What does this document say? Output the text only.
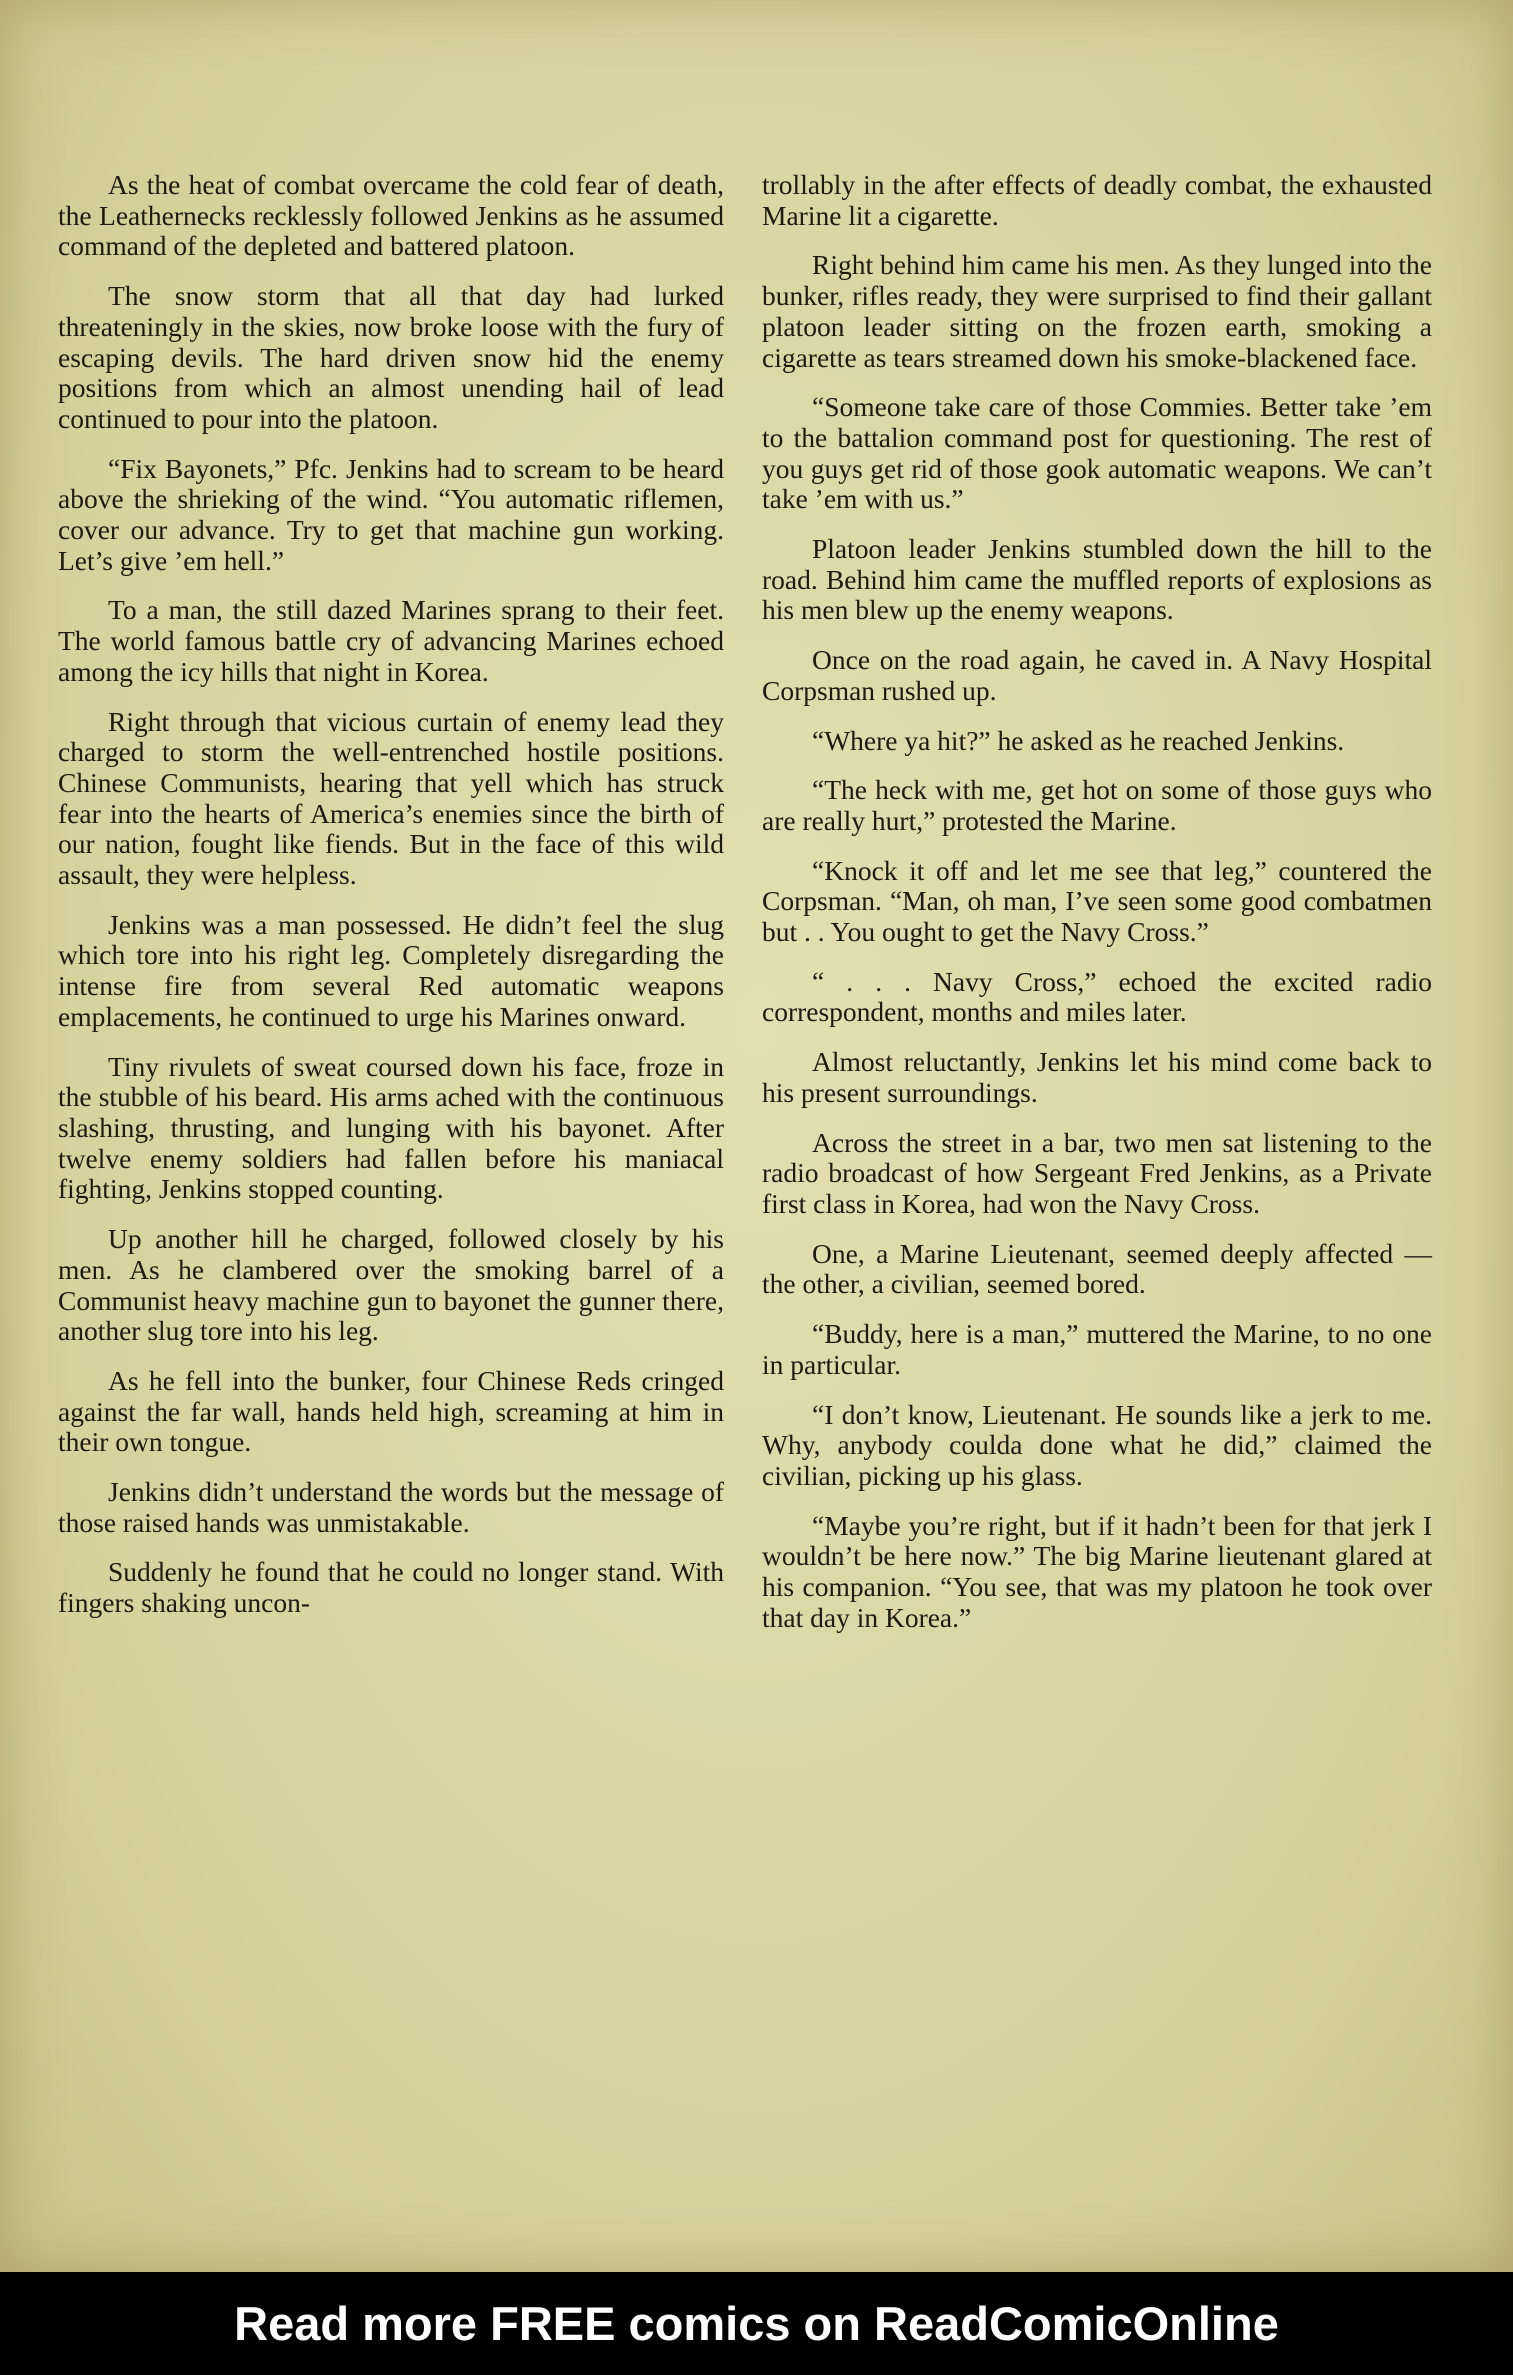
As the heat of combat overcame the cold fear of death, the Leathernecks recklessly followed Jenkins as he assumed command of the depleted and battered platoon.

The snow storm that all that day had lurked threateningly in the skies, now broke loose with the fury of escaping devils. The hard driven snow hid the enemy positions from which an almost unending hail of lead continued to pour into the platoon.

“Fix Bayonets,” Pfc. Jenkins had to scream to be heard above the shrieking of the wind. “You automatic riflemen, cover our advance. Try to get that machine gun working. Let’s give ’em hell.”

To a man, the still dazed Marines sprang to their feet. The world famous battle cry of advancing Marines echoed among the icy hills that night in Korea.

Right through that vicious curtain of enemy lead they charged to storm the well-entrenched hostile positions. Chinese Communists, hearing that yell which has struck fear into the hearts of America’s enemies since the birth of our nation, fought like fiends. But in the face of this wild assault, they were helpless.

Jenkins was a man possessed. He didn’t feel the slug which tore into his right leg. Completely disregarding the intense fire from several Red automatic weapons emplacements, he continued to urge his Marines onward.

Tiny rivulets of sweat coursed down his face, froze in the stubble of his beard. His arms ached with the continuous slashing, thrusting, and lunging with his bayonet. After twelve enemy soldiers had fallen before his maniacal fighting, Jenkins stopped counting.

Up another hill he charged, followed closely by his men. As he clambered over the smoking barrel of a Communist heavy machine gun to bayonet the gunner there, another slug tore into his leg.

As he fell into the bunker, four Chinese Reds cringed against the far wall, hands held high, screaming at him in their own tongue.

Jenkins didn’t understand the words but the message of those raised hands was unmistakable.

Suddenly he found that he could no longer stand. With fingers shaking uncon-

trollably in the after effects of deadly combat, the exhausted Marine lit a cigarette.

Right behind him came his men. As they lunged into the bunker, rifles ready, they were surprised to find their gallant platoon leader sitting on the frozen earth, smoking a cigarette as tears streamed down his smoke-blackened face.

“Someone take care of those Commies. Better take ’em to the battalion command post for questioning. The rest of you guys get rid of those gook automatic weapons. We can’t take ’em with us.”

Platoon leader Jenkins stumbled down the hill to the road. Behind him came the muffled reports of explosions as his men blew up the enemy weapons.

Once on the road again, he caved in. A Navy Hospital Corpsman rushed up.

“Where ya hit?” he asked as he reached Jenkins.

“The heck with me, get hot on some of those guys who are really hurt,” protested the Marine.

“Knock it off and let me see that leg,” countered the Corpsman. “Man, oh man, I’ve seen some good combatmen but . . You ought to get the Navy Cross.”

“ . . . Navy Cross,” echoed the excited radio correspondent, months and miles later.

Almost reluctantly, Jenkins let his mind come back to his present surroundings.

Across the street in a bar, two men sat listening to the radio broadcast of how Sergeant Fred Jenkins, as a Private first class in Korea, had won the Navy Cross.

One, a Marine Lieutenant, seemed deeply affected — the other, a civilian, seemed bored.

“Buddy, here is a man,” muttered the Marine, to no one in particular.

“I don’t know, Lieutenant. He sounds like a jerk to me. Why, anybody coulda done what he did,” claimed the civilian, picking up his glass.

“Maybe you’re right, but if it hadn’t been for that jerk I wouldn’t be here now.” The big Marine lieutenant glared at his companion. “You see, that was my platoon he took over that day in Korea.”

Read more FREE comics on ReadComicOnline
